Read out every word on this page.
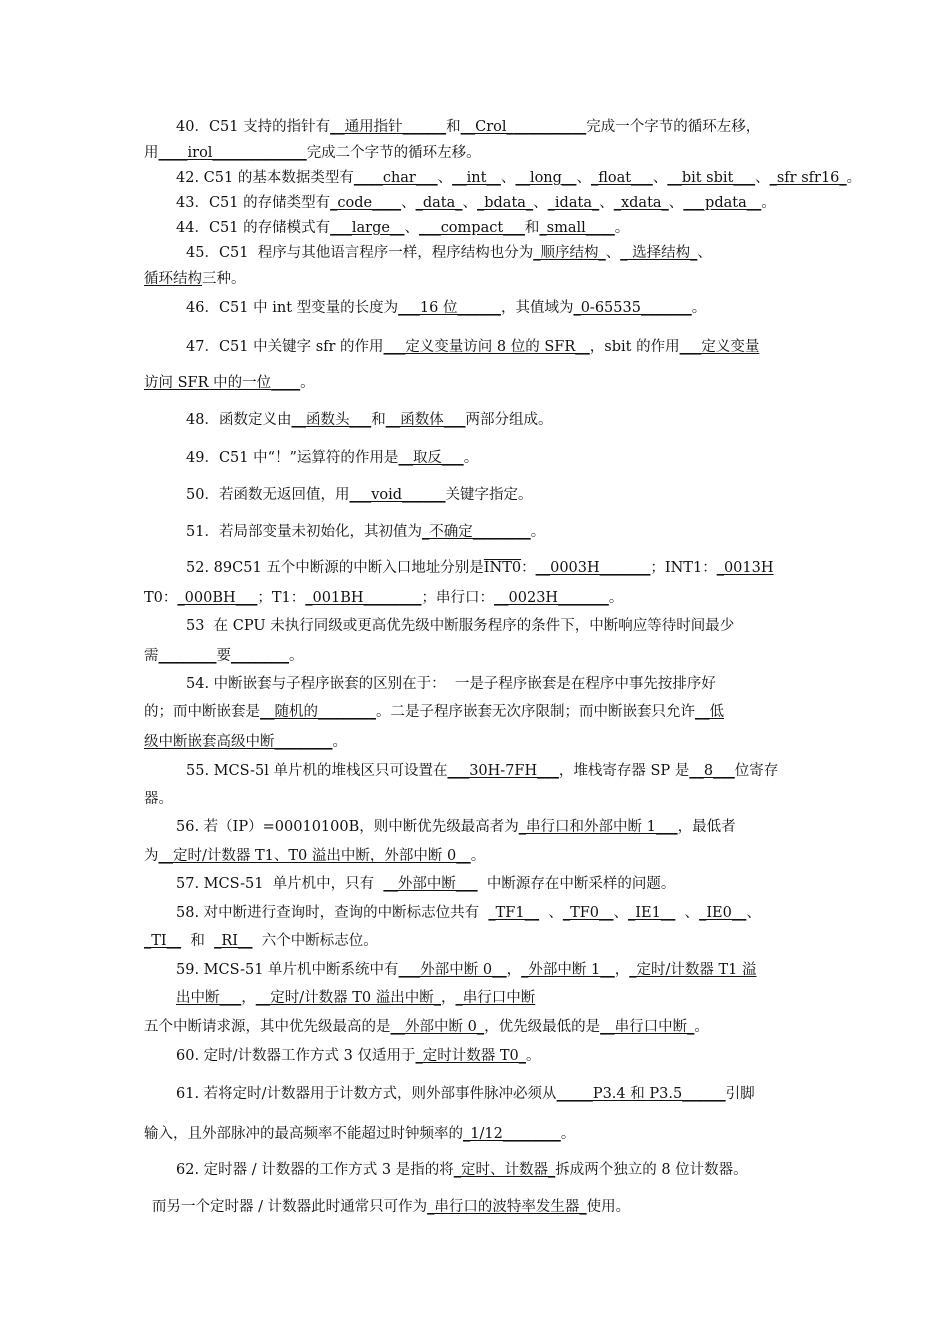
40．C51 支持的指针有__通用指针______和__Crol___________完成一个字节的循环左移，
用____irol_____________完成二个字节的循环左移。
42. C51 的基本数据类型有____char___、__int__、__long__、_float___、__bit sbit___、_sfr sfr16_。
43．C51 的存储类型有_code____、_data_、_bdata_、_idata_、_xdata_、___pdata__。
44．C51 的存储模式有___large__、___compact___和_small____。
45．C51  程序与其他语言程序一样，程序结构也分为_顺序结构_、_ 选择结构_、
循环结构三种。
46．C51 中 int 型变量的长度为___16 位______，其值域为_0-65535_______。
47．C51 中关键字 sfr 的作用___定义变量访问 8 位的 SFR__，sbit 的作用___定义变量
访问 SFR 中的一位____。
48．函数定义由__函数头___和__函数体___两部分组成。
49．C51 中“！”运算符的作用是__取反___。
50．若函数无返回值，用___void______关键字指定。
51．若局部变量未初始化，其初值为_不确定________。
52. 89C51 五个中断源的中断入口地址分别是INT0：__0003H_______；INT1：_0013H
T0：_000BH___；T1：_001BH________；串行口：__0023H_______。
53  在 CPU 未执行同级或更高优先级中断服务程序的条件下，中断响应等待时间最少
需________要________。
54. 中断嵌套与子程序嵌套的区别在于：  一是子程序嵌套是在程序中事先按排序好
的；而中断嵌套是__随机的________。二是子程序嵌套无次序限制；而中断嵌套只允许__低
级中断嵌套高级中断________。
55. MCS-5l 单片机的堆栈区只可设置在___30H-7FH___，堆栈寄存器 SP 是__8___位寄存
器。
56. 若（IP）=00010100B，则中断优先级最高者为_串行口和外部中断 1___，最低者
为__定时/计数器 T1、T0 溢出中断，外部中断 0__。
57. MCS-51  单片机中，只有  __外部中断___  中断源存在中断采样的问题。
58. 对中断进行查询时，查询的中断标志位共有  _TF1__  、_TF0__、_IE1__  、_IE0__、
_TI__  和  _RI__  六个中断标志位。
59. MCS-51 单片机中断系统中有___外部中断 0__，_外部中断 1__，_定时/计数器 T1 溢
出中断___，__定时/计数器 T0 溢出中断_，_串行口中断
五个中断请求源，其中优先级最高的是__外部中断 0_，优先级最低的是__串行口中断_。
60. 定时/计数器工作方式 3 仅适用于_定时计数器 T0_。
61. 若将定时/计数器用于计数方式，则外部事件脉冲必须从_____P3.4 和 P3.5______引脚
输入，且外部脉冲的最高频率不能超过时钟频率的_1/12________。
62. 定时器 / 计数器的工作方式 3 是指的将_定时、计数器_拆成两个独立的 8 位计数器。
而另一个定时器 / 计数器此时通常只可作为_串行口的波特率发生器_使用。
